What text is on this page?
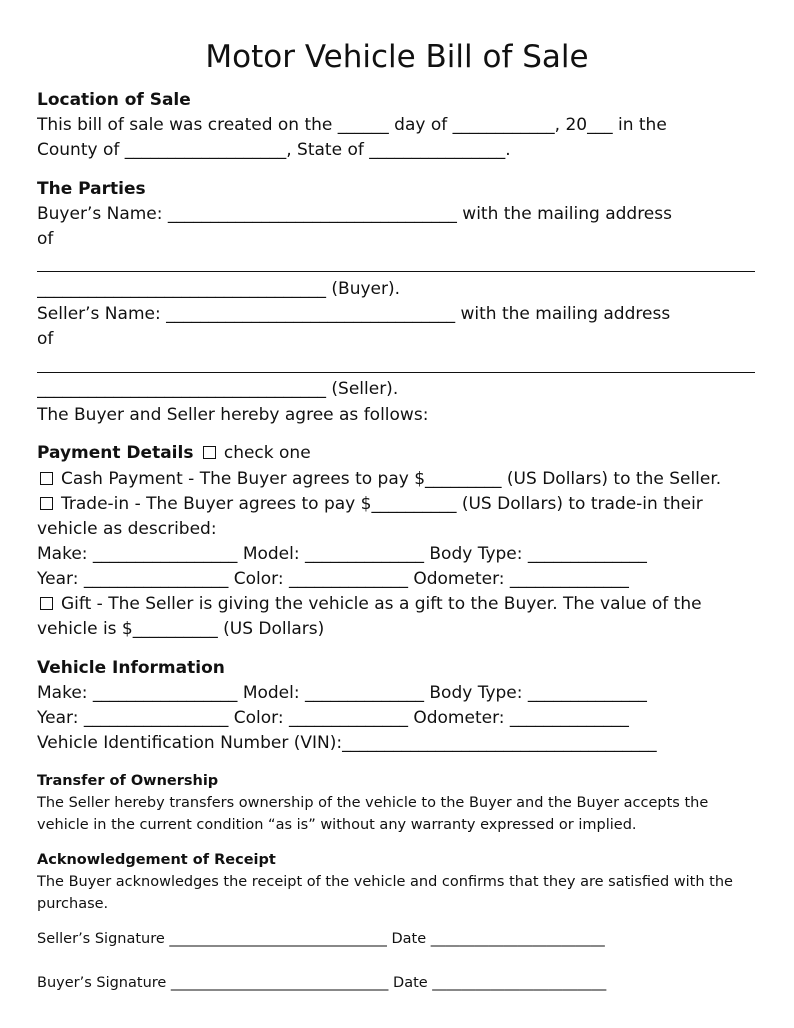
Motor Vehicle Bill of Sale
Location of Sale
This bill of sale was created on the ______ day of ____________, 20___ in the
County of ___________________, State of ________________.
The Parties
Buyer’s Name: __________________________________ with the mailing address
of
__________________________________ (Buyer).
Seller’s Name: __________________________________ with the mailing address
of
__________________________________ (Seller).
The Buyer and Seller hereby agree as follows:
Payment Details check one
Cash Payment - The Buyer agrees to pay $_________ (US Dollars) to the Seller.
Trade-in - The Buyer agrees to pay $__________ (US Dollars) to trade-in their
vehicle as described:
Make: _________________ Model: ______________ Body Type: ______________
Year: _________________ Color: ______________ Odometer: ______________
Gift - The Seller is giving the vehicle as a gift to the Buyer. The value of the
vehicle is $__________ (US Dollars)
Vehicle Information
Make: _________________ Model: ______________ Body Type: ______________
Year: _________________ Color: ______________ Odometer: ______________
Vehicle Identification Number (VIN):_____________________________________
Transfer of Ownership
The Seller hereby transfers ownership of the vehicle to the Buyer and the Buyer accepts the
vehicle in the current condition “as is” without any warranty expressed or implied.
Acknowledgement of Receipt
The Buyer acknowledges the receipt of the vehicle and confirms that they are satisfied with the
purchase.
Seller’s Signature ______________________________ Date ________________________
Buyer’s Signature ______________________________ Date ________________________
